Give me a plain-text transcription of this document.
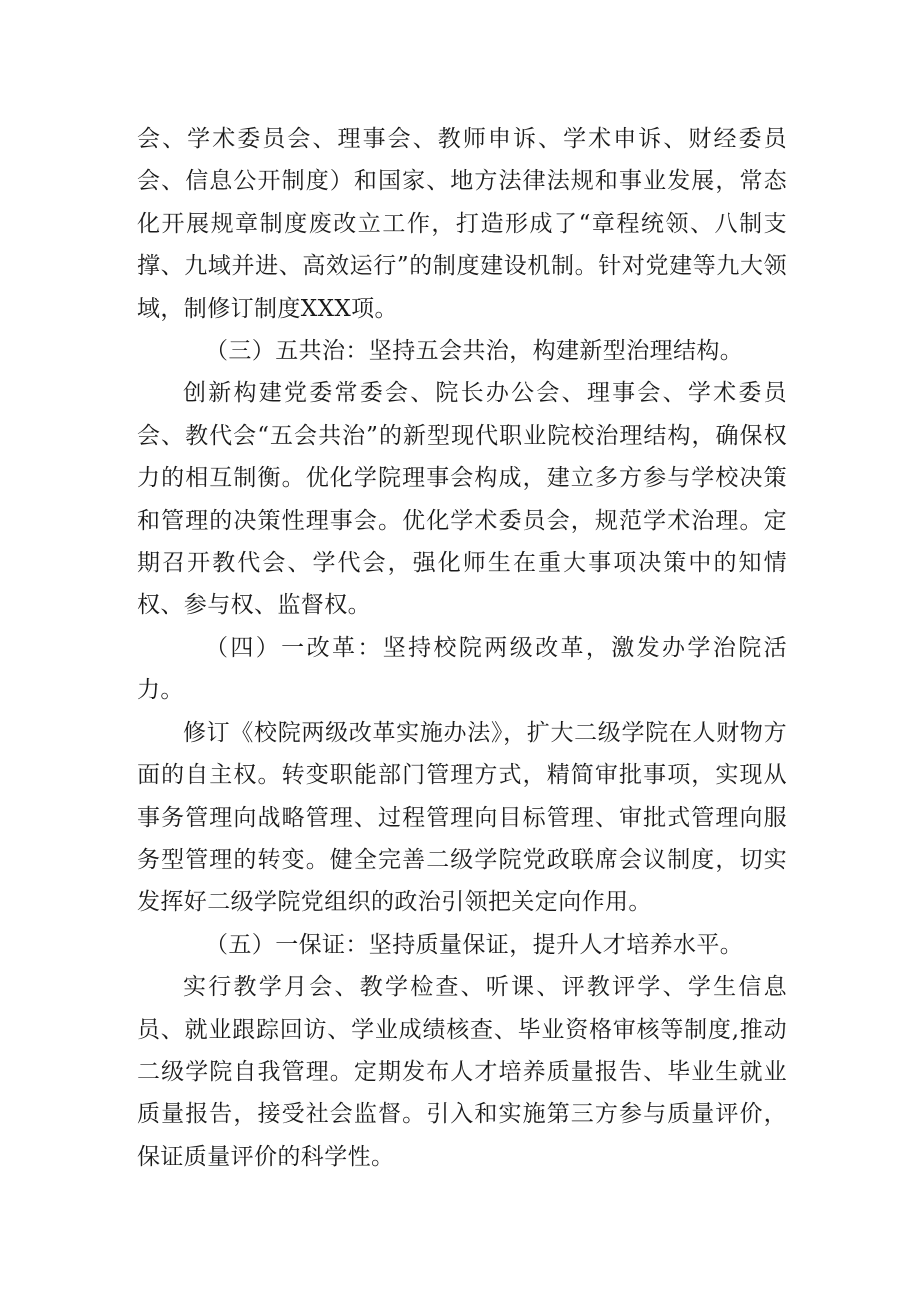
会、学术委员会、理事会、教师申诉、学术申诉、财经委员会、信息公开制度）和国家、地方法律法规和事业发展，常态化开展规章制度废改立工作，打造形成了“章程统领、八制支撑、九域并进、高效运行”的制度建设机制。针对党建等九大领域，制修订制度XXX项。

（三）五共治：坚持五会共治，构建新型治理结构。

创新构建党委常委会、院长办公会、理事会、学术委员会、教代会“五会共治”的新型现代职业院校治理结构，确保权力的相互制衡。优化学院理事会构成，建立多方参与学校决策和管理的决策性理事会。优化学术委员会，规范学术治理。定期召开教代会、学代会，强化师生在重大事项决策中的知情权、参与权、监督权。

（四）一改革：坚持校院两级改革，激发办学治院活力。

修订《校院两级改革实施办法》，扩大二级学院在人财物方面的自主权。转变职能部门管理方式，精简审批事项，实现从事务管理向战略管理、过程管理向目标管理、审批式管理向服务型管理的转变。健全完善二级学院党政联席会议制度，切实发挥好二级学院党组织的政治引领把关定向作用。

（五）一保证：坚持质量保证，提升人才培养水平。

实行教学月会、教学检查、听课、评教评学、学生信息员、就业跟踪回访、学业成绩核查、毕业资格审核等制度,推动二级学院自我管理。定期发布人才培养质量报告、毕业生就业质量报告，接受社会监督。引入和实施第三方参与质量评价，保证质量评价的科学性。
